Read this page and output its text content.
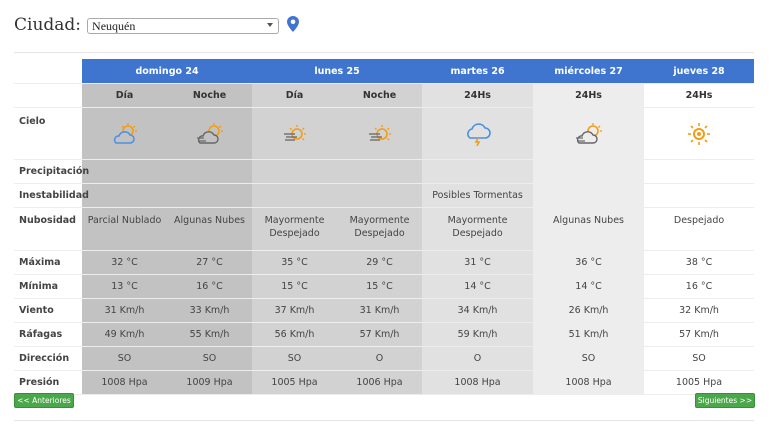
Ciudad: Neuquén
	domingo 24		lunes 25		martes 26	miércoles 27	jueves 28
	Día	Noche	Día	Noche	24Hs	24Hs	24Hs
Cielo	

Precipitación							
Inestabilidad					Posibles Tormentas		
Nubosidad	Parcial Nublado	Algunas Nubes	Mayormente Despejado	Mayormente Despejado	Mayormente Despejado	Algunas Nubes	Despejado
Máxima	32 °C	27 °C	35 °C	29 °C	31 °C	36 °C	38 °C
Mínima	13 °C	16 °C	15 °C	15 °C	14 °C	14 °C	16 °C
Viento	31 Km/h	33 Km/h	37 Km/h	31 Km/h	34 Km/h	26 Km/h	32 Km/h
Ráfagas	49 Km/h	55 Km/h	56 Km/h	57 Km/h	59 Km/h	51 Km/h	57 Km/h
Dirección	SO	SO	SO	O	O	SO	SO
Presión	1008 Hpa	1009 Hpa	1005 Hpa	1006 Hpa	1008 Hpa	1008 Hpa	1005 Hpa
<< Anteriores	Siguientes >>
